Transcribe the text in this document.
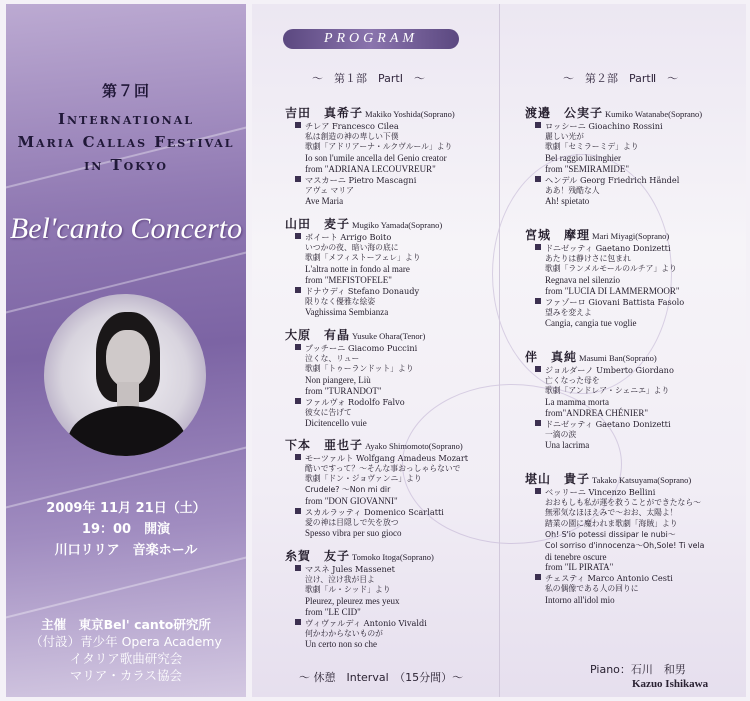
第７回
International
Maria Callas Festival
in Tokyo
Bel'canto Concerto
2009年 11月 21日（土）
19：00　開演
川口リリア　音楽ホール
主催　東京Bel' canto研究所
（付設）青少年 Opera Academy
イタリア歌曲研究会
マリア・カラス協会
PROGRAM
～　第１部　PartⅠ　～	～　第２部　PartⅡ　～
吉田　真希子 Makiko Yoshida(Soprano)
チレア Francesco Cilea
私は創造の神の卑しい下僕
歌劇「アドリアーナ・ルクヴルール」より
Io son l'umile ancella del Genio creator
from "ADRIANA LECOUVREUR"
マスカーニ Pietro Mascagni
アヴェ マリア
Ave Maria
山田　麦子 Mugiko Yamada(Soprano)
ボイート Arrigo Boito
いつかの夜、暗い海の底に
歌劇「メフィストーフェレ」より
L'altra notte in fondo al mare
from "MEFISTOFELE"
ドナウディ Stefano Donaudy
限りなく優雅な絵姿
Vaghissima Sembianza
大原　有晶 Yusuke Ohara(Tenor)
プッチーニ Giacomo Puccini
泣くな、リュー
歌劇「トゥーランドット」より
Non piangere, Liù
from "TURANDOT"
ファルヴォ Rodolfo Falvo
彼女に告げて
Dicitencello vuie
下本　亜也子 Ayako Shimomoto(Soprano)
モーツァルト Wolfgang Amadeus Mozart
酷いですって？～そんな事おっしゃらないで
歌劇「ドン・ジョヴァンニ」より
Crudele? ～Non mi dir
from "DON GIOVANNI"
スカルラッティ Domenico Scarlatti
愛の神は目隠しで矢を放つ
Spesso vibra per suo gioco
糸賀　友子 Tomoko Itoga(Soprano)
マスネ Jules Massenet
泣け、泣け我が目よ
歌劇「ル・シッド」より
Pleurez, pleurez mes yeux
from "LE CID"
ヴィヴァルディ Antonio Vivaldi
何かわからないものが
Un certo non so che
渡邉　公実子 Kumiko Watanabe(Soprano)
ロッシーニ Gioachino Rossini
麗しい光が
歌劇「セミラーミデ」より
Bel raggio lusinghier
from "SEMIRAMIDE"
ヘンデル Georg Friedrich Händel
ああ！残酷な人
Ah! spietato
宮城　摩理 Mari Miyagi(Soprano)
ドニゼッティ Gaetano Donizetti
あたりは静けさに包まれ
歌劇「ランメルモールのルチア」より
Regnava nel silenzio
from "LUCIA DI LAMMERMOOR"
ファゾーロ Giovani Battista Fasolo
望みを変えよ
Cangia, cangia tue voglie
伴　真純 Masumi Ban(Soprano)
ジョルダーノ Umberto Giordano
亡くなった母を
歌劇「アンドレア・シェニエ」より
La mamma morta
from"ANDREA CHÉNIER"
ドニゼッティ Gaetano Donizetti
一滴の涙
Una lacrima
堪山　貴子 Takako Katsuyama(Soprano)
ベッリーニ Vincenzo Bellini
おおもしも私が運を救うことができたなら～
無邪気なほほえみで～おお、太陽よ！
踏業の園に魔われま歌劇「海賊」より
Oh! S'io potessi dissipar le nubi～
Col sorriso d'innocenza～Oh,Sole! Ti vela
di tenebre oscure
from "IL PIRATA"
チェスティ Marco Antonio Cesti
私の偶像である人の回りに
Intorno all'idol mio
～ 休憩　Interval　（15分間）～
Piano：石川　和男
Kazuo Ishikawa
